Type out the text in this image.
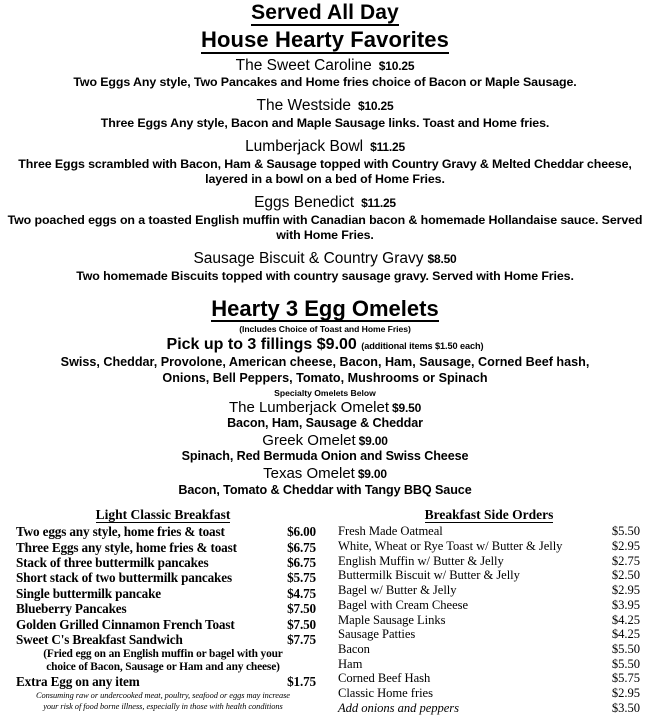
Served All Day
House Hearty Favorites
The Sweet Caroline $10.25
Two Eggs Any style, Two Pancakes and Home fries choice of Bacon or Maple Sausage.
The Westside $10.25
Three Eggs Any style, Bacon and Maple Sausage links. Toast and Home fries.
Lumberjack Bowl $11.25
Three Eggs scrambled with Bacon, Ham & Sausage topped with Country Gravy & Melted Cheddar cheese, layered in a bowl on a bed of Home Fries.
Eggs Benedict $11.25
Two poached eggs on a toasted English muffin with Canadian bacon & homemade Hollandaise sauce. Served with Home Fries.
Sausage Biscuit & Country Gravy $8.50
Two homemade Biscuits topped with country sausage gravy. Served with Home Fries.
Hearty 3 Egg Omelets
(Includes Choice of Toast and Home Fries)
Pick up to 3 fillings $9.00 (additional items $1.50 each)
Swiss, Cheddar, Provolone, American cheese, Bacon, Ham, Sausage, Corned Beef hash,
Onions, Bell Peppers, Tomato, Mushrooms or Spinach
Specialty Omelets Below
The Lumberjack Omelet $9.50
Bacon, Ham, Sausage & Cheddar
Greek Omelet $9.00
Spinach, Red Bermuda Onion and Swiss Cheese
Texas Omelet $9.00
Bacon, Tomato & Cheddar with Tangy BBQ Sauce
Light Classic Breakfast
Two eggs any style, home fries & toast	$6.00
Three Eggs any style, home fries & toast	$6.75
Stack of three buttermilk pancakes	$6.75
Short stack of two buttermilk pancakes	$5.75
Single buttermilk pancake	$4.75
Blueberry Pancakes	$7.50
Golden Grilled Cinnamon French Toast	$7.50
Sweet C's Breakfast Sandwich	$7.75
(Fried egg on an English muffin or bagel with your
choice of Bacon, Sausage or Ham and any cheese)
Extra Egg on any item	$1.75
Consuming raw or undercooked meat, poultry, seafood or eggs may increase
your risk of food borne illness, especially in those with health conditions
Breakfast Side Orders
Fresh Made Oatmeal	$5.50
White, Wheat or Rye Toast w/ Butter & Jelly	$2.95
English Muffin w/ Butter & Jelly	$2.75
Buttermilk Biscuit w/ Butter & Jelly	$2.50
Bagel w/ Butter & Jelly	$2.95
Bagel with Cream Cheese	$3.95
Maple Sausage Links	$4.25
Sausage Patties	$4.25
Bacon	$5.50
Ham	$5.50
Corned Beef Hash	$5.75
Classic Home fries	$2.95
Add onions and peppers	$3.50
